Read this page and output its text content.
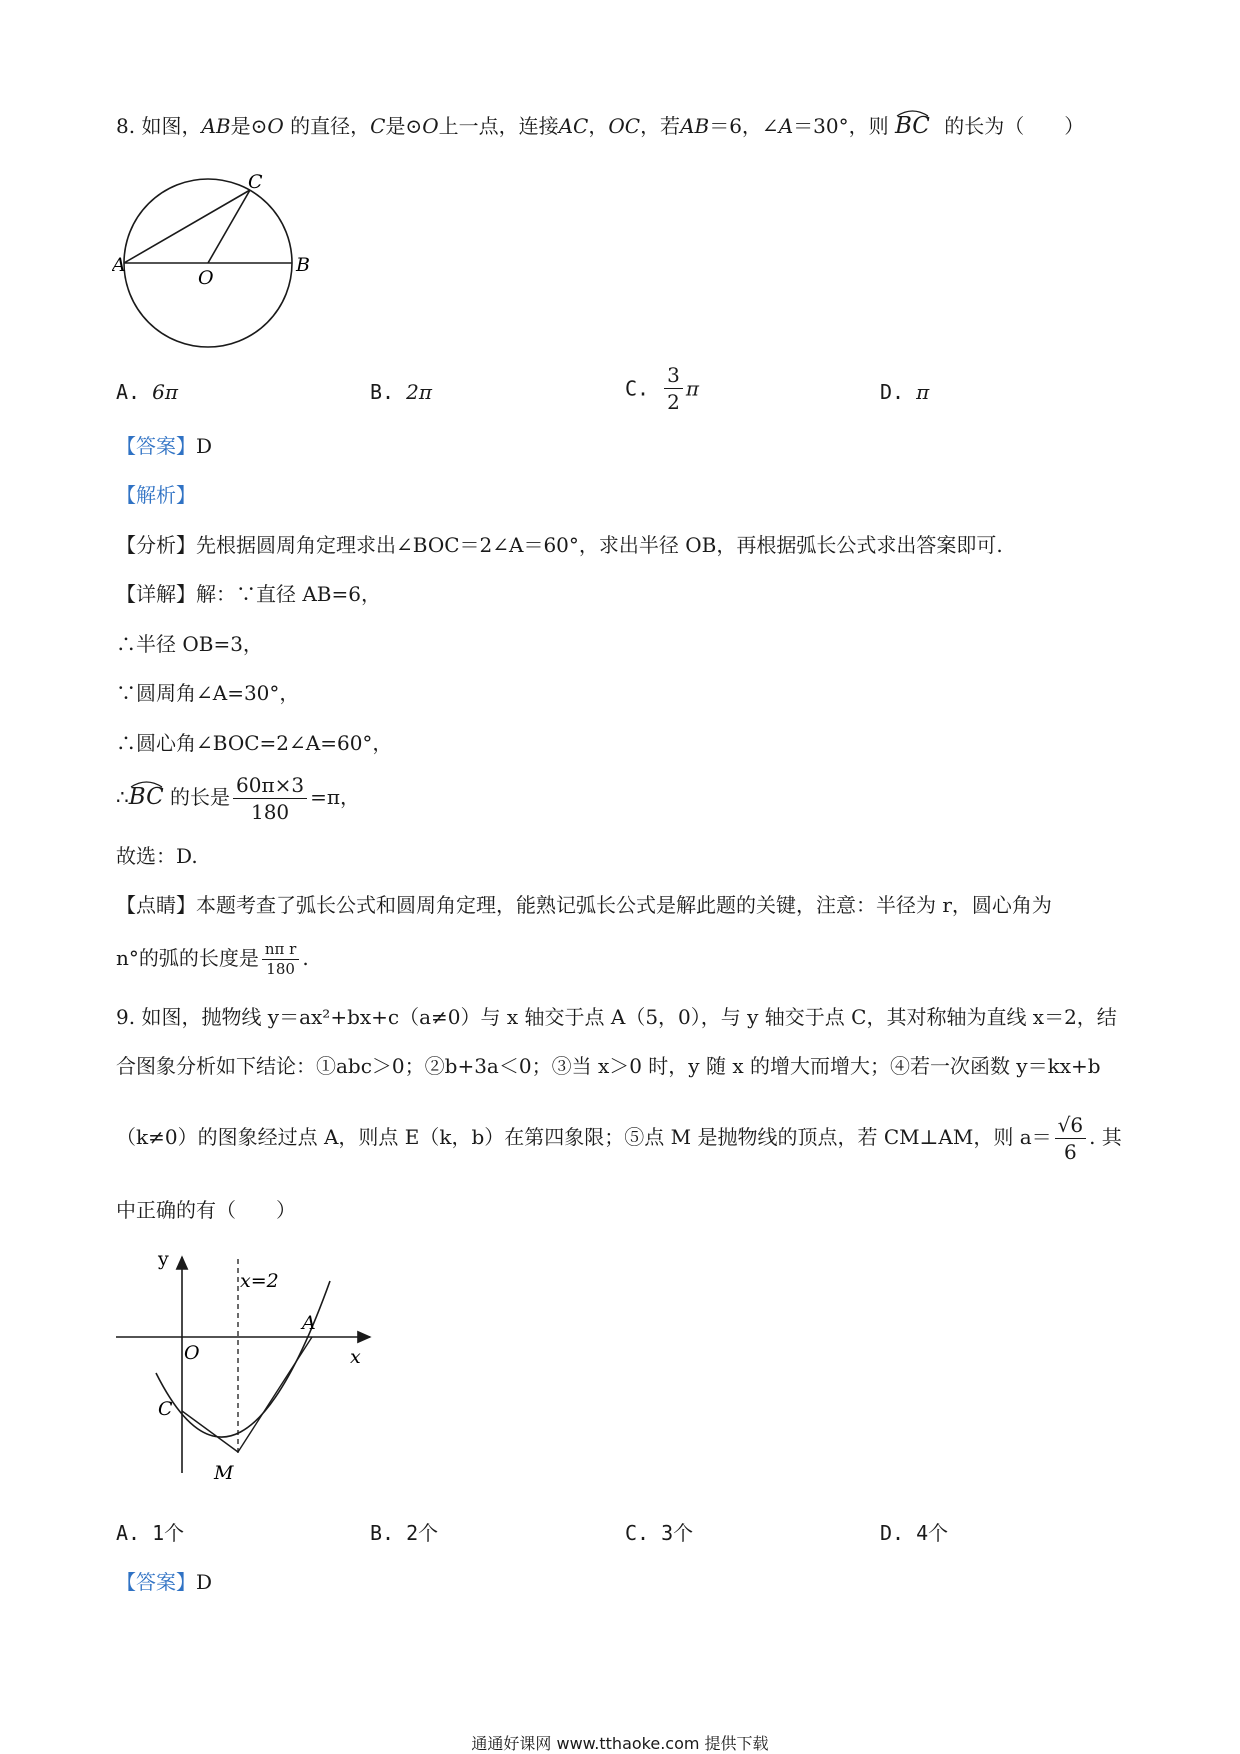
8. 如图，AB是⊙O 的直径，C是⊙O上一点，连接AC，OC，若AB＝6，∠A＝30°，则 BC 的长为（　　）
A	B
C
O
A. 6π	B. 2π	C. $\frac{3}{2}$ π	D. π
【答案】D
【解析】
【分析】先根据圆周角定理求出∠BOC＝2∠A＝60°，求出半径 OB，再根据弧长公式求出答案即可.
【详解】解：∵直径 AB=6，
∴半径 OB=3，
∵圆周角∠A=30°，
∴圆心角∠BOC=2∠A=60°，
∴BC 的长是 $\frac{60\pi\times 3}{180} =\pi$，
故选：D.
【点睛】本题考查了弧长公式和圆周角定理，能熟记弧长公式是解此题的关键，注意：半径为 r，圆心角为
n°的弧的长度是 $\frac{\text{nπ r}}{180}$ .
9. 如图，抛物线 y＝ax²+bx+c（a≠0）与 x 轴交于点 A（5，0），与 y 轴交于点 C，其对称轴为直线 x＝2，结
合图象分析如下结论：①abc＞0；②b+3a＜0；③当 x＞0 时，y 随 x 的增大而增大；④若一次函数 y＝kx+b
（k≠0）的图象经过点 A，则点 E（k，b）在第四象限；⑤点 M 是抛物线的顶点，若 CM⊥AM，则 $a= \frac{√6}{6}$ . 其
中正确的有（　　）
y
x
O
C
A
M
x=2
A. 1个	B. 2个	C. 3个	D. 4个
【答案】D
通通好课网 www.tthaoke.com 提供下载
